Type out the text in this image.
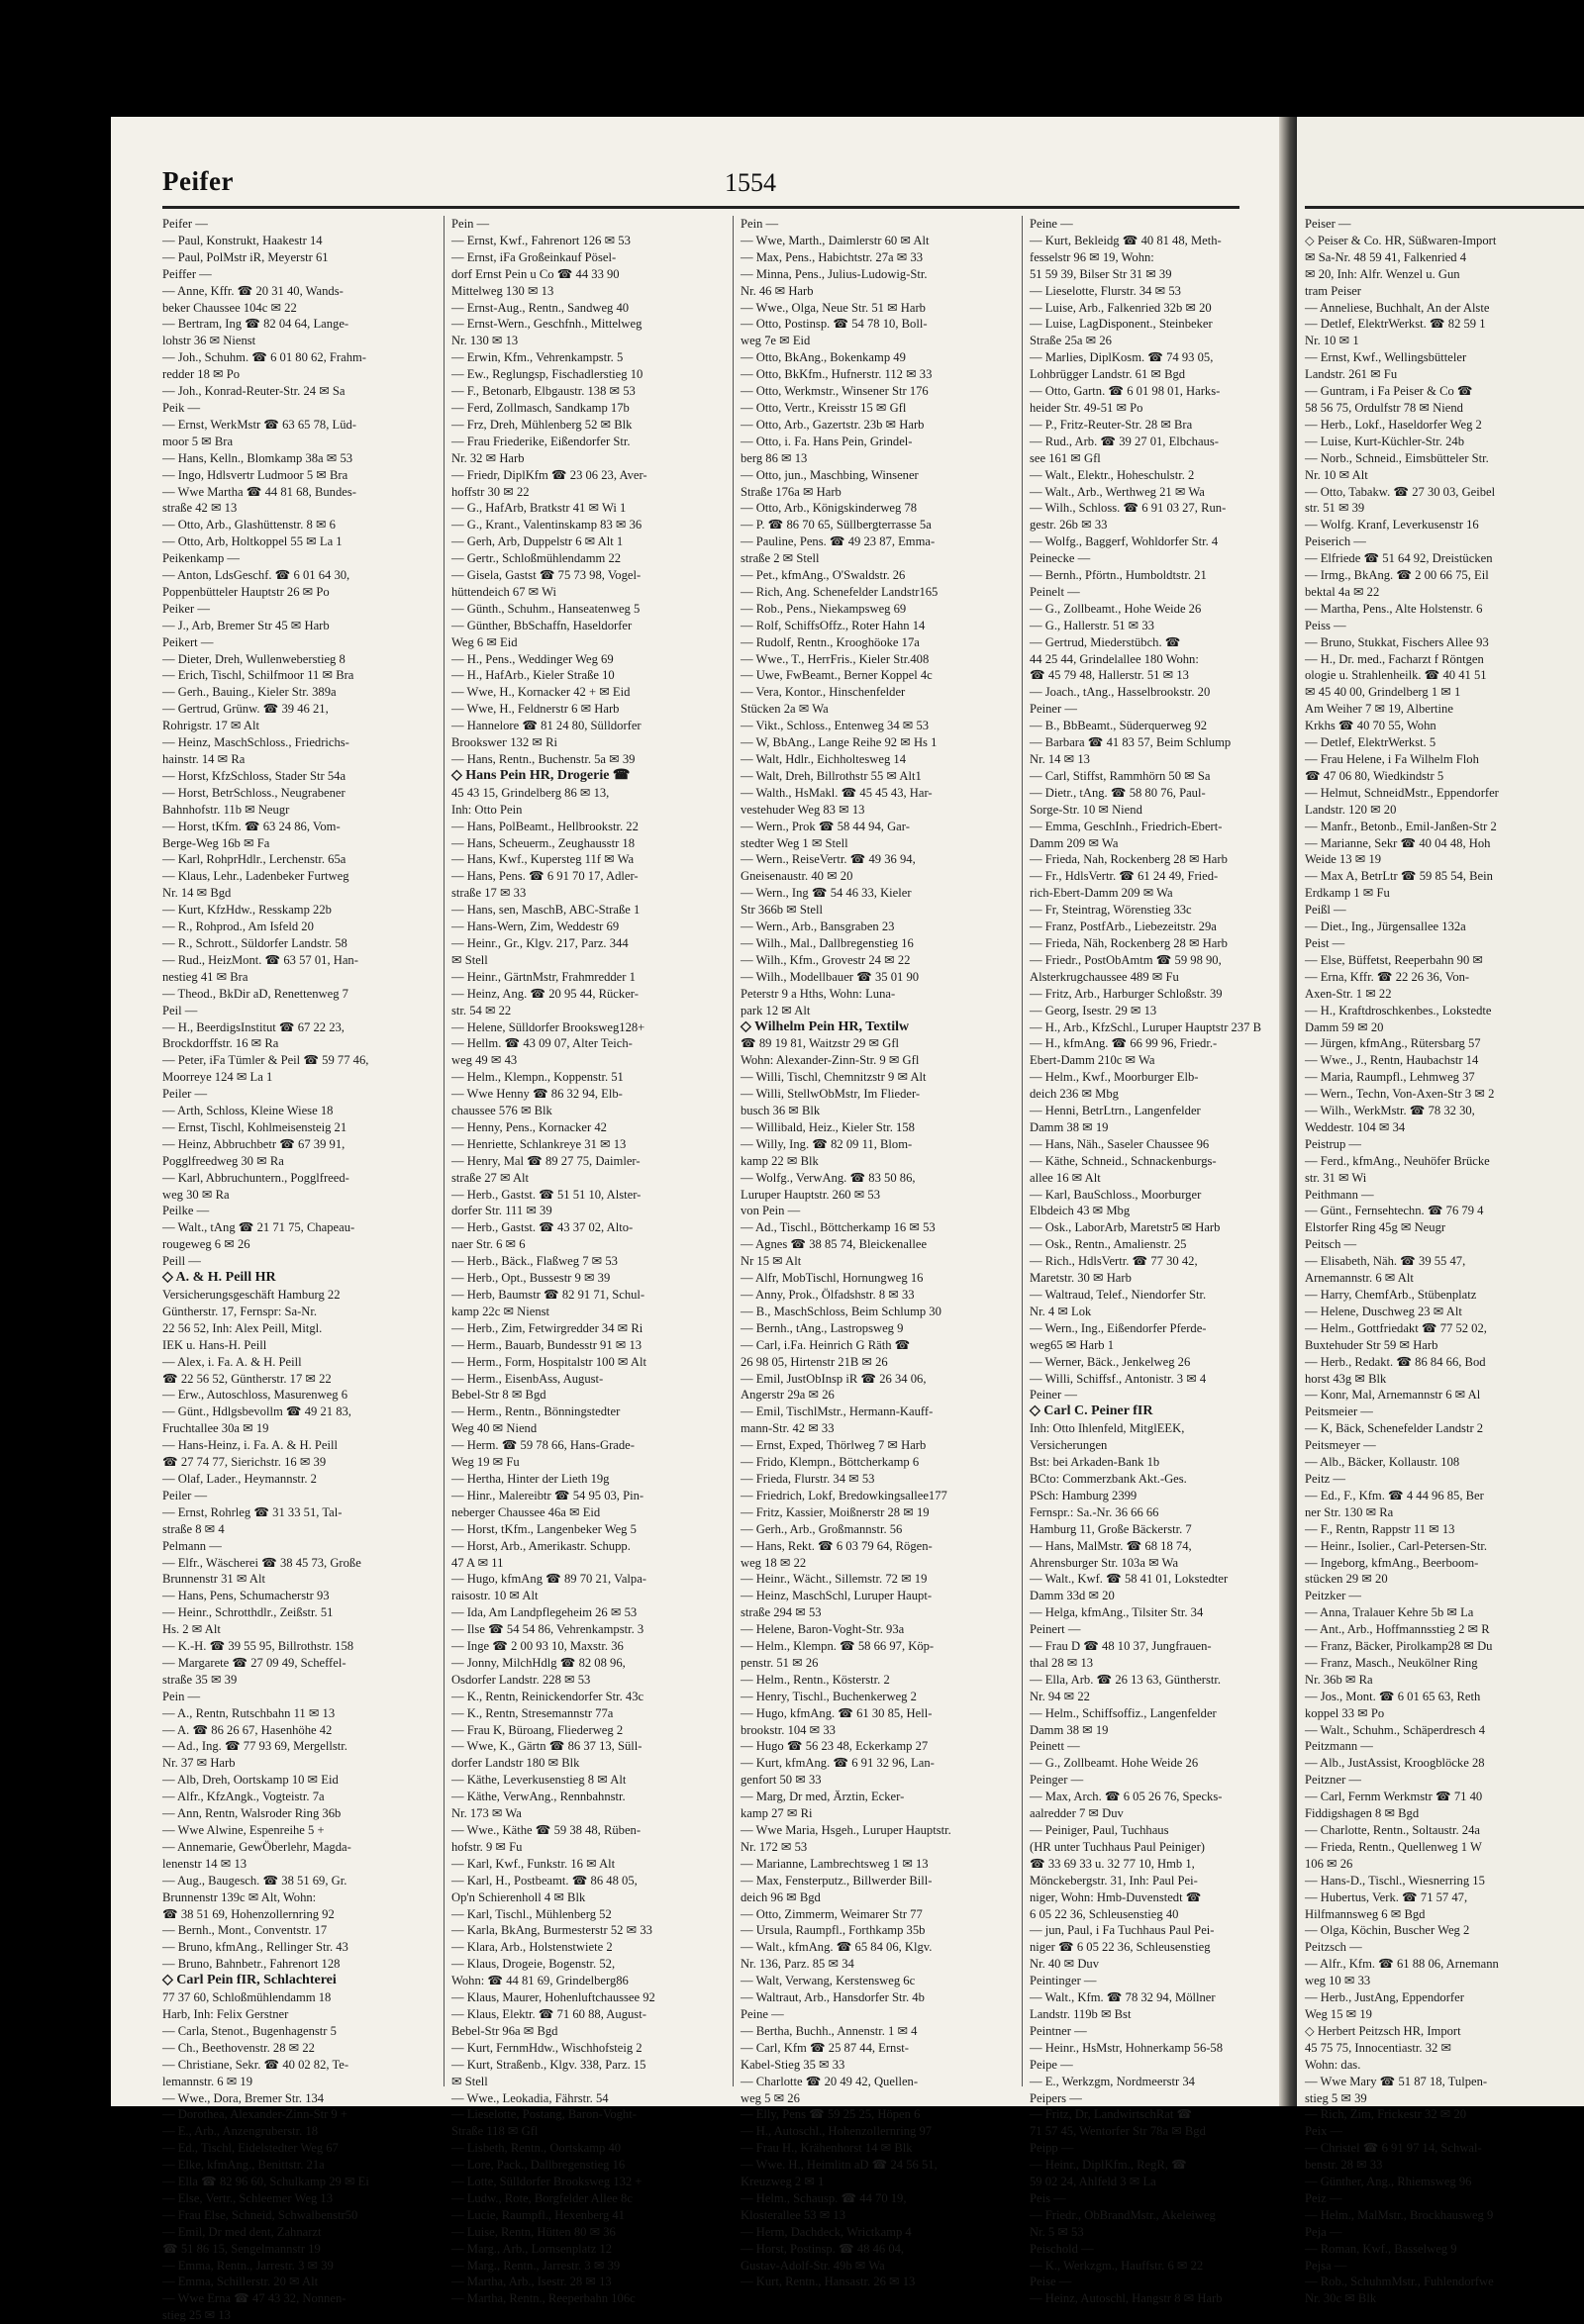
Peifer	1554
Peifer —
— Paul, Konstrukt, Haakestr 14
— Paul, PolMstr iR, Meyerstr 61
Peiffer —
— Anne, Kffr. ☎ 20 31 40, Wands-
beker Chaussee 104c ✉ 22
— Bertram, Ing ☎ 82 04 64, Lange-
lohstr 36 ✉ Nienst
— Joh., Schuhm. ☎ 6 01 80 62, Frahm-
redder 18 ✉ Po
— Joh., Konrad-Reuter-Str. 24 ✉ Sa
Peik —
— Ernst, WerkMstr ☎ 63 65 78, Lüd-
moor 5 ✉ Bra
— Hans, Kelln., Blomkamp 38a ✉ 53
— Ingo, Hdlsvertr Ludmoor 5 ✉ Bra
— Wwe Martha ☎ 44 81 68, Bundes-
straße 42 ✉ 13
— Otto, Arb., Glashüttenstr. 8 ✉ 6
— Otto, Arb, Holtkoppel 55 ✉ La 1
Peikenkamp —
— Anton, LdsGeschf. ☎ 6 01 64 30,
Poppenbütteler Hauptstr 26 ✉ Po
Peiker —
— J., Arb, Bremer Str 45 ✉ Harb
Peikert —
— Dieter, Dreh, Wullenweberstieg 8
— Erich, Tischl, Schilfmoor 11 ✉ Bra
— Gerh., Bauing., Kieler Str. 389a
— Gertrud, Grünw. ☎ 39 46 21,
Rohrigstr. 17 ✉ Alt
— Heinz, MaschSchloss., Friedrichs-
hainstr. 14 ✉ Ra
— Horst, KfzSchloss, Stader Str 54a
— Horst, BetrSchloss., Neugrabener
Bahnhofstr. 11b ✉ Neugr
— Horst, tKfm. ☎ 63 24 86, Vom-
Berge-Weg 16b ✉ Fa
— Karl, RohprHdlr., Lerchenstr. 65a
— Klaus, Lehr., Ladenbeker Furtweg
Nr. 14 ✉ Bgd
— Kurt, KfzHdw., Resskamp 22b
— R., Rohprod., Am Isfeld 20
— R., Schrott., Süldorfer Landstr. 58
— Rud., HeizMont. ☎ 63 57 01, Han-
nestieg 41 ✉ Bra
— Theod., BkDir aD, Renettenweg 7
Peil —
— H., BeerdigsInstitut ☎ 67 22 23,
Brockdorffstr. 16 ✉ Ra
— Peter, iFa Tümler & Peil ☎ 59 77 46,
Moorreye 124 ✉ La 1
Peiler —
— Arth, Schloss, Kleine Wiese 18
— Ernst, Tischl, Kohlmeisensteig 21
— Heinz, Abbruchbetr ☎ 67 39 91,
Pogglfreedweg 30 ✉ Ra
— Karl, Abbruchuntern., Pogglfreed-
weg 30 ✉ Ra
Peilke —
— Walt., tAng ☎ 21 71 75, Chapeau-
rougeweg 6 ✉ 26
Peill —
◇ A. & H. Peill HR
Versicherungsgeschäft Hamburg 22
Güntherstr. 17, Fernspr: Sa-Nr.
22 56 52, Inh: Alex Peill, Mitgl.
IEK u. Hans-H. Peill
— Alex, i. Fa. A. & H. Peill
☎ 22 56 52, Güntherstr. 17 ✉ 22
— Erw., Autoschloss, Masurenweg 6
— Günt., Hdlgsbevollm ☎ 49 21 83,
Fruchtallee 30a ✉ 19
— Hans-Heinz, i. Fa. A. & H. Peill
☎ 27 74 77, Sierichstr. 16 ✉ 39
— Olaf, Lader., Heymannstr. 2
Peiler —
— Ernst, Rohrleg ☎ 31 33 51, Tal-
straße 8 ✉ 4
Pelmann —
— Elfr., Wäscherei ☎ 38 45 73, Große
Brunnenstr 31 ✉ Alt
— Hans, Pens, Schumacherstr 93
— Heinr., Schrotthdlr., Zeißstr. 51
Hs. 2 ✉ Alt
— K.-H. ☎ 39 55 95, Billrothstr. 158
— Margarete ☎ 27 09 49, Scheffel-
straße 35 ✉ 39
Pein —
— A., Rentn, Rutschbahn 11 ✉ 13
— A. ☎ 86 26 67, Hasenhöhe 42
— Ad., Ing. ☎ 77 93 69, Mergellstr.
Nr. 37 ✉ Harb
— Alb, Dreh, Oortskamp 10 ✉ Eid
— Alfr., KfzAngk., Vogteistr. 7a
— Ann, Rentn, Walsroder Ring 36b
— Wwe Alwine, Espenreihe 5 +
— Annemarie, GewÖberlehr, Magda-
lenenstr 14 ✉ 13
— Aug., Baugesch. ☎ 38 51 69, Gr.
Brunnenstr 139c ✉ Alt, Wohn:
☎ 38 51 69, Hohenzollernring 92
— Bernh., Mont., Conventstr. 17
— Bruno, kfmAng., Rellinger Str. 43
— Bruno, Bahnbetr., Fahrenort 128
◇ Carl Pein fIR, Schlachterei
77 37 60, Schloßmühlendamm 18
Harb, Inh: Felix Gerstner
— Carla, Stenot., Bugenhagenstr 5
— Ch., Beethovenstr. 28 ✉ 22
— Christiane, Sekr. ☎ 40 02 82, Te-
lemannstr. 6 ✉ 19
— Wwe., Dora, Bremer Str. 134
— Dorothea, Alexander-Zinn-Str 9 +
— E., Arb., Anzengruberstr. 18
— Ed., Tischl, Eidelstedter Weg 67
— Elke, kfmAng., Benittstr. 21a
— Ella ☎ 82 96 60, Schulkamp 29 ✉ Ei
— Else, Vertr., Schleemer Weg 13
— Frau Else, Schneid, Schwalbenstr50
— Emil, Dr med dent, Zahnarzt
☎ 51 86 15, Sengelmannstr 19
— Emma, Rentn., Jarrestr. 3 ✉ 39
— Emma, Schillerstr. 20 ✉ Alt
— Wwe Erna ☎ 47 43 32, Nonnen-
stieg 25 ✉ 13
Pein —
— Ernst, Kwf., Fahrenort 126 ✉ 53
— Ernst, iFa Großeinkauf Pösel-
dorf Ernst Pein u Co ☎ 44 33 90
Mittelweg 130 ✉ 13
— Ernst-Aug., Rentn., Sandweg 40
— Ernst-Wern., Geschfnh., Mittelweg
Nr. 130 ✉ 13
— Erwin, Kfm., Vehrenkampstr. 5
— Ew., Reglungsp, Fischadlerstieg 10
— F., Betonarb, Elbgaustr. 138 ✉ 53
— Ferd, Zollmasch, Sandkamp 17b
— Frz, Dreh, Mühlenberg 52 ✉ Blk
— Frau Friederike, Eißendorfer Str.
Nr. 32 ✉ Harb
— Friedr, DiplKfm ☎ 23 06 23, Aver-
hoffstr 30 ✉ 22
— G., HafArb, Bratkstr 41 ✉ Wi 1
— G., Krant., Valentinskamp 83 ✉ 36
— Gerh, Arb, Duppelstr 6 ✉ Alt 1
— Gertr., Schloßmühlendamm 22
— Gisela, Gastst ☎ 75 73 98, Vogel-
hüttendeich 67 ✉ Wi
— Günth., Schuhm., Hanseatenweg 5
— Günther, BbSchaffn, Haseldorfer
Weg 6 ✉ Eid
— H., Pens., Weddinger Weg 69
— H., HafArb., Kieler Straße 10
— Wwe, H., Kornacker 42 + ✉ Eid
— Wwe, H., Feldnerstr 6 ✉ Harb
— Hannelore ☎ 81 24 80, Sülldorfer
Brookswег 132 ✉ Ri
— Hans, Rentn., Buchenstr. 5a ✉ 39
◇ Hans Pein HR, Drogerie ☎
45 43 15, Grindelberg 86 ✉ 13,
Inh: Otto Pein
— Hans, PolBeamt., Hellbrookstr. 22
— Hans, Scheuerm., Zeughausstr 18
— Hans, Kwf., Kupersteg 11f ✉ Wa
— Hans, Pens. ☎ 6 91 70 17, Adler-
straße 17 ✉ 33
— Hans, sen, MaschB, ABC-Straße 1
— Hans-Wern, Zim, Weddestr 69
— Heinr., Gr., Klgv. 217, Parz. 344
✉ Stell
— Heinr., GärtnMstr, Frahmredder 1
— Heinz, Ang. ☎ 20 95 44, Rücker-
str. 54 ✉ 22
— Helene, Sülldorfer Brooksweg128+
— Hellm. ☎ 43 09 07, Alter Teich-
weg 49 ✉ 43
— Helm., Klempn., Koppenstr. 51
— Wwe Henny ☎ 86 32 94, Elb-
chaussee 576 ✉ Blk
— Henny, Pens., Kornacker 42
— Henriette, Schlankreye 31 ✉ 13
— Henry, Mal ☎ 89 27 75, Daimler-
straße 27 ✉ Alt
— Herb., Gastst. ☎ 51 51 10, Alster-
dorfer Str. 111 ✉ 39
— Herb., Gastst. ☎ 43 37 02, Alto-
naer Str. 6 ✉ 6
— Herb., Bäck., Flaßweg 7 ✉ 53
— Herb., Opt., Bussestr 9 ✉ 39
— Herb, Baumstr ☎ 82 91 71, Schul-
kamp 22c ✉ Nienst
— Herb., Zim, Fetwirgredder 34 ✉ Ri
— Herm., Bauarb, Bundesstr 91 ✉ 13
— Herm., Form, Hospitalstr 100 ✉ Alt
— Herm., EisenbAss, August-
Bebel-Str 8 ✉ Bgd
— Herm., Rentn., Bönningstedter
Weg 40 ✉ Niend
— Herm. ☎ 59 78 66, Hans-Grade-
Weg 19 ✉ Fu
— Hertha, Hinter der Lieth 19g
— Hinr., Malereibtr ☎ 54 95 03, Pin-
neberger Chaussee 46a ✉ Eid
— Horst, tKfm., Langenbeker Weg 5
— Horst, Arb., Amerikastr. Schupp.
47 A ✉ 11
— Hugo, kfmAng ☎ 89 70 21, Valpa-
raisostr. 10 ✉ Alt
— Ida, Am Landpflegeheim 26 ✉ 53
— Ilse ☎ 54 54 86, Vehrenkampstr. 3
— Inge ☎ 2 00 93 10, Maxstr. 36
— Jonny, MilchHdlg ☎ 82 08 96,
Osdorfer Landstr. 228 ✉ 53
— K., Rentn, Reinickendorfer Str. 43c
— K., Rentn, Stresemannstr 77a
— Frau K, Büroang, Fliederweg 2
— Wwe, K., Gärtn ☎ 86 37 13, Süll-
dorfer Landstr 180 ✉ Blk
— Käthe, Leverkusenstieg 8 ✉ Alt
— Käthe, VerwAng., Rennbahnstr.
Nr. 173 ✉ Wa
— Wwe., Käthe ☎ 59 38 48, Rüben-
hofstr. 9 ✉ Fu
— Karl, Kwf., Funkstr. 16 ✉ Alt
— Karl, H., Postbeamt. ☎ 86 48 05,
Op'n Schierenholl 4 ✉ Blk
— Karl, Tischl., Mühlenberg 52
— Karla, BkAng, Burmesterstr 52 ✉ 33
— Klara, Arb., Holstenstwiete 2
— Klaus, Drogeie, Bogenstr. 52,
Wohn: ☎ 44 81 69, Grindelberg86
— Klaus, Maurer, Hohenluftchaussee 92
— Klaus, Elektr. ☎ 71 60 88, August-
Bebel-Str 96a ✉ Bgd
— Kurt, FernmHdw., Wischhofsteig 2
— Kurt, Straßenb., Klgv. 338, Parz. 15
✉ Stell
— Wwe., Leokadia, Fährstr. 54
— Lieselotte, Postang, Baron-Voght-
Straße 118 ✉ Gfl
— Lisbeth, Rentn., Oortskamp 40
— Lore, Pack., Dallbregenstieg 16
— Lotte, Sülldorfer Brooksweg 132 +
— Ludw., Rote, Borgfelder Allee 8c
— Lucie, Raumpfl., Hexenberg 41
— Luise, Rentn, Hütten 80 ✉ 36
— Marg., Arb., Lornsenplatz 12
— Marg., Rentn., Jarrestr. 3 ✉ 39
— Martha, Arb., Isestr. 28 ✉ 13
— Martha, Rentn., Reeperbahn 106c
Pein —
— Wwe, Marth., Daimlerstr 60 ✉ Alt
— Max, Pens., Habichtstr. 27a ✉ 33
— Minna, Pens., Julius-Ludowig-Str.
Nr. 46 ✉ Harb
— Wwe., Olga, Neue Str. 51 ✉ Harb
— Otto, Postinsp. ☎ 54 78 10, Boll-
weg 7e ✉ Eid
— Otto, BkAng., Bokenkamp 49
— Otto, BkKfm., Hufnerstr. 112 ✉ 33
— Otto, Werkmstr., Winsener Str 176
— Otto, Vertr., Kreisstr 15 ✉ Gfl
— Otto, Arb., Gazertstr. 23b ✉ Harb
— Otto, i. Fa. Hans Pein, Grindel-
berg 86 ✉ 13
— Otto, jun., Maschbing, Winsener
Straße 176a ✉ Harb
— Otto, Arb., Königskinderweg 78
— P. ☎ 86 70 65, Süllbergterrasse 5a
— Pauline, Pens. ☎ 49 23 87, Emma-
straße 2 ✉ Stell
— Pet., kfmAng., O'Swaldstr. 26
— Rich, Ang. Schenefelder Landstr165
— Rob., Pens., Niekampsweg 69
— Rolf, SchiffsOffz., Roter Hahn 14
— Rudolf, Rentn., Krooghöoke 17a
— Wwe., T., HerrFris., Kieler Str.408
— Uwe, FwBeamt., Berner Koppel 4c
— Vera, Kontor., Hinschenfelder
Stücken 2a ✉ Wa
— Vikt., Schloss., Entenweg 34 ✉ 53
— W, BbAng., Lange Reihe 92 ✉ Hs 1
— Walt, Hdlr., Eichholtesweg 14
— Walt, Dreh, Billrothstr 55 ✉ Alt1
— Walth., HsMakl. ☎ 45 45 43, Har-
vestehuder Weg 83 ✉ 13
— Wern., Prok ☎ 58 44 94, Gar-
stedter Weg 1 ✉ Stell
— Wern., ReiseVertr. ☎ 49 36 94,
Gneisenaustr. 40 ✉ 20
— Wern., Ing ☎ 54 46 33, Kieler
Str 366b ✉ Stell
— Wern., Arb., Bansgraben 23
— Wilh., Mal., Dallbregenstieg 16
— Wilh., Kfm., Grovestr 24 ✉ 22
— Wilh., Modellbauer ☎ 35 01 90
Peterstr 9 a Hths, Wohn: Luna-
park 12 ✉ Alt
◇ Wilhelm Pein HR, Textilw
☎ 89 19 81, Waitzstr 29 ✉ Gfl
Wohn: Alexander-Zinn-Str. 9 ✉ Gfl
— Willi, Tischl, Chemnitzstr 9 ✉ Alt
— Willi, StellwObMstr, Im Flieder-
busch 36 ✉ Blk
— Willibald, Heiz., Kieler Str. 158
— Willy, Ing. ☎ 82 09 11, Blom-
kamp 22 ✉ Blk
— Wolfg., VerwAng. ☎ 83 50 86,
Luruper Hauptstr. 260 ✉ 53
von Pein —
— Ad., Tischl., Böttcherkamp 16 ✉ 53
— Agnes ☎ 38 85 74, Bleickenallee
Nr 15 ✉ Alt
— Alfr, MobTischl, Hornungweg 16
— Anny, Prok., Ölfadshstr. 8 ✉ 33
— B., MaschSchloss, Beim Schlump 30
— Bernh., tAng., Lastropsweg 9
— Carl, i.Fa. Heinrich G Räth ☎
26 98 05, Hirtenstr 21B ✉ 26
— Emil, JustObInsp iR ☎ 26 34 06,
Angerstr 29a ✉ 26
— Emil, TischlMstr., Hermann-Kauff-
mann-Str. 42 ✉ 33
— Ernst, Exped, Thörlweg 7 ✉ Harb
— Frido, Klempn., Böttcherkamp 6
— Frieda, Flurstr. 34 ✉ 53
— Friedrich, Lokf, Bredowkingsallee177
— Fritz, Kassier, Moißnerstr 28 ✉ 19
— Gerh., Arb., Großmannstr. 56
— Hans, Rekt. ☎ 6 03 79 64, Rögen-
weg 18 ✉ 22
— Heinr., Wächt., Sillemstr. 72 ✉ 19
— Heinz, MaschSchl, Luruper Haupt-
straße 294 ✉ 53
— Helene, Baron-Voght-Str. 93a
— Helm., Klempn. ☎ 58 66 97, Köp-
penstr. 51 ✉ 26
— Helm., Rentn., Kösterstr. 2
— Henry, Tischl., Buchenkerweg 2
— Hugo, kfmAng. ☎ 61 30 85, Hell-
brookstr. 104 ✉ 33
— Hugo ☎ 56 23 48, Eckerkamp 27
— Kurt, kfmAng. ☎ 6 91 32 96, Lan-
genfort 50 ✉ 33
— Marg, Dr med, Ärztin, Ecker-
kamp 27 ✉ Ri
— Wwe Maria, Hsgeh., Luruper Hauptstr.
Nr. 172 ✉ 53
— Marianne, Lambrechtsweg 1 ✉ 13
— Max, Fensterputz., Billwerder Bill-
deich 96 ✉ Bgd
— Otto, Zimmerm, Weimarer Str 77
— Ursula, Raumpfl., Forthkamp 35b
— Walt., kfmAng. ☎ 65 84 06, Klgv.
Nr. 136, Parz. 85 ✉ 34
— Walt, Verwang, Kerstensweg 6c
— Waltraut, Arb., Hansdorfer Str. 4b
Peine —
— Bertha, Buchh., Annenstr. 1 ✉ 4
— Carl, Kfm ☎ 25 87 44, Ernst-
Kabel-Stieg 35 ✉ 33
— Charlotte ☎ 20 49 42, Quellen-
weg 5 ✉ 26
— Elly, Pens ☎ 59 25 25, Höpen 6
— H., Autoschl., Hohenzollernring 97
— Frau H., Krähenhorst 14 ✉ Blk
— Wwe. H., Heimlitn aD ☎ 24 56 51,
Kreuzweg 2 ✉ 1
— Helm., Schausp. ☎ 44 70 19,
Klosterallee 53 ✉ 13
— Herm, Dachdeck, Wrictkamp 4
— Horst, Postinsp. ☎ 48 46 04,
Gustav-Adolf-Str. 49b ✉ Wa
— Kurt, Rentn., Hansastr. 26 ✉ 13
Peine —
— Kurt, Bekleidg ☎ 40 81 48, Meth-
fesselstr 96 ✉ 19, Wohn:
51 59 39, Bilser Str 31 ✉ 39
— Lieselotte, Flurstr. 34 ✉ 53
— Luise, Arb., Falkenried 32b ✉ 20
— Luise, LagDisponent., Steinbeker
Straße 25a ✉ 26
— Marlies, DiplKosm. ☎ 74 93 05,
Lohbrügger Landstr. 61 ✉ Bgd
— Otto, Gartn. ☎ 6 01 98 01, Harks-
heider Str. 49-51 ✉ Po
— P., Fritz-Reuter-Str. 28 ✉ Bra
— Rud., Arb. ☎ 39 27 01, Elbchaus-
see 161 ✉ Gfl
— Walt., Elektr., Hoheschulstr. 2
— Walt., Arb., Werthweg 21 ✉ Wa
— Wilh., Schloss. ☎ 6 91 03 27, Run-
gestr. 26b ✉ 33
— Wolfg., Baggerf, Wohldorfer Str. 4
Peinecke —
— Bernh., Pförtn., Humboldtstr. 21
Peinelt —
— G., Zollbeamt., Hohe Weide 26
— G., Hallerstr. 51 ✉ 33
— Gertrud, Miederstübch. ☎
44 25 44, Grindelallee 180 Wohn:
☎ 45 79 48, Hallerstr. 51 ✉ 13
— Joach., tAng., Hasselbrookstr. 20
Peiner —
— B., BbBeamt., Süderquerweg 92
— Barbara ☎ 41 83 57, Beim Schlump
Nr. 14 ✉ 13
— Carl, Stiffst, Rammhörn 50 ✉ Sa
— Dietr., tAng. ☎ 58 80 76, Paul-
Sorge-Str. 10 ✉ Niend
— Emma, GeschInh., Friedrich-Ebert-
Damm 209 ✉ Wa
— Frieda, Nah, Rockenberg 28 ✉ Harb
— Fr., HdlsVertr. ☎ 61 24 49, Fried-
rich-Ebert-Damm 209 ✉ Wa
— Fr, Steintrag, Wörenstieg 33c
— Franz, PostfArb., Liebezeitstr. 29a
— Frieda, Näh, Rockenberg 28 ✉ Harb
— Friedr., PostObAmtm ☎ 59 98 90,
Alsterkrugchaussee 489 ✉ Fu
— Fritz, Arb., Harburger Schloßstr. 39
— Georg, Isestr. 29 ✉ 13
— H., Arb., KfzSchl., Luruper Hauptstr 237 B
— H., kfmAng. ☎ 66 99 96, Friedr.-
Ebert-Damm 210c ✉ Wa
— Helm., Kwf., Moorburger Elb-
deich 236 ✉ Mbg
— Henni, BetrLtrn., Langenfelder
Damm 38 ✉ 19
— Hans, Näh., Saseler Chaussee 96
— Käthe, Schneid., Schnackenburgs-
allee 16 ✉ Alt
— Karl, BauSchloss., Moorburger
Elbdeich 43 ✉ Mbg
— Osk., LaborArb, Maretstr5 ✉ Harb
— Osk., Rentn., Amalienstr. 25
— Rich., HdlsVertr. ☎ 77 30 42,
Maretstr. 30 ✉ Harb
— Waltraud, Telef., Niendorfer Str.
Nr. 4 ✉ Lok
— Wern., Ing., Eißendorfer Pferde-
weg65 ✉ Harb 1
— Werner, Bäck., Jenkelweg 26
— Willi, Schiffsf., Antonistr. 3 ✉ 4
Peiner —
◇ Carl C. Peiner fIR
Inh: Otto Ihlenfeld, MitglEEK,
Versicherungen
Bst: bei Arkaden-Bank 1b
BCto: Commerzbank Akt.-Ges.
PSch: Hamburg 2399
Fernspr.: Sa.-Nr. 36 66 66
Hamburg 11, Große Bäckerstr. 7
— Hans, MalMstr. ☎ 68 18 74,
Ahrensburger Str. 103a ✉ Wa
— Walt., Kwf. ☎ 58 41 01, Lokstedter
Damm 33d ✉ 20
— Helga, kfmAng., Tilsiter Str. 34
Peinert —
— Frau D ☎ 48 10 37, Jungfrauen-
thal 28 ✉ 13
— Ella, Arb. ☎ 26 13 63, Güntherstr.
Nr. 94 ✉ 22
— Helm., Schiffsoffiz., Langenfelder
Damm 38 ✉ 19
Peinett —
— G., Zollbeamt. Hohe Weide 26
Peinger —
— Max, Arch. ☎ 6 05 26 76, Specks-
aalredder 7 ✉ Duv
— Peiniger, Paul, Tuchhaus
(HR unter Tuchhaus Paul Peiniger)
☎ 33 69 33 u. 32 77 10, Hmb 1,
Mönckebergstr. 31, Inh: Paul Pei-
niger, Wohn: Hmb-Duvenstedt ☎
6 05 22 36, Schleusenstieg 40
— jun, Paul, i Fa Tuchhaus Paul Pei-
niger ☎ 6 05 22 36, Schleusenstieg
Nr. 40 ✉ Duv
Peintinger —
— Walt., Kfm. ☎ 78 32 94, Möllner
Landstr. 119b ✉ Bst
Peintner —
— Heinr., HsMstr, Hohnerkamp 56-58
Peipe —
— E., Werkzgm, Nordmeerstr 34
Peipers —
— Fritz, Dr, LandwirtschRat ☎
71 57 45, Wentorfer Str 78a ✉ Bgd
Peipp —
— Heinr., DiplKfm., RegR, ☎
59 02 24, Ahlfeld 3 ✉ La
Peis —
— Friedr., ObBrandMstr., Akeleiweg
Nr. 5 ✉ 53
Peischold —
— K., Werkzgm., Hauffstr. 6 ✉ 22
Peise —
— Heinz, Autoschl, Hangstr 8 ✉ Harb
Peiser —
◇ Peiser & Co. HR, Süßwaren-Import
✉ Sa-Nr. 48 59 41, Falkenried 4
✉ 20, Inh: Alfr. Wenzel u. Gun
tram Peiser
— Anneliese, Buchhalt, An der Alste
— Detlef, ElektrWerkst. ☎ 82 59 1
Nr. 10 ✉ 1
— Ernst, Kwf., Wellingsbütteler
Landstr. 261 ✉ Fu
— Guntram, i Fa Peiser & Co ☎
58 56 75, Ordulfstr 78 ✉ Niend
— Herb., Lokf., Haseldorfer Weg 2
— Luise, Kurt-Küchler-Str. 24b
— Norb., Schneid., Eimsbütteler Str.
Nr. 10 ✉ Alt
— Otto, Tabakw. ☎ 27 30 03, Geibel
str. 51 ✉ 39
— Wolfg. Kranf, Leverkusenstr 16
Peiserich —
— Elfriede ☎ 51 64 92, Dreistücken
— Irmg., BkAng. ☎ 2 00 66 75, Eil
bektal 4a ✉ 22
— Martha, Pens., Alte Holstenstr. 6
Peiss —
— Bruno, Stukkat, Fischers Allee 93
— H., Dr. med., Facharzt f Röntgen
ologie u. Strahlenheilk. ☎ 40 41 51
✉ 45 40 00, Grindelberg 1 ✉ 1
Am Weiher 7 ✉ 19, Albertine
Krkhs ☎ 40 70 55, Wohn
— Detlef, ElektrWerkst. 5
— Frau Helene, i Fa Wilhelm Floh
☎ 47 06 80, Wiedkindstr 5
— Helmut, SchneidMstr., Eppendorfer
Landstr. 120 ✉ 20
— Manfr., Betonb., Emil-Janßen-Str 2
— Marianne, Sekr ☎ 40 04 48, Hoh
Weide 13 ✉ 19
— Max A, BetrLtr ☎ 59 85 54, Bein
Erdkamp 1 ✉ Fu
Peißl —
— Diet., Ing., Jürgensallee 132a
Peist —
— Else, Büffetst, Reeperbahn 90 ✉
— Erna, Kffr. ☎ 22 26 36, Von-
Axen-Str. 1 ✉ 22
— H., Kraftdroschkenbes., Lokstedte
Damm 59 ✉ 20
— Jürgen, kfmAng., Rütersbarg 57
— Wwe., J., Rentn, Haubachstr 14
— Maria, Raumpfl., Lehmweg 37
— Wern., Techn, Von-Axen-Str 3 ✉ 2
— Wilh., WerkMstr. ☎ 78 32 30,
Weddestr. 104 ✉ 34
Peistrup —
— Ferd., kfmAng., Neuhöfer Brücke
str. 31 ✉ Wi
Peithmann —
— Günt., Fernsehtechn. ☎ 76 79 4
Elstorfer Ring 45g ✉ Neugr
Peitsch —
— Elisabeth, Näh. ☎ 39 55 47,
Arnemannstr. 6 ✉ Alt
— Harry, ChemfArb., Stübenplatz
— Helene, Duschweg 23 ✉ Alt
— Helm., Gottfriedakt ☎ 77 52 02,
Buxtehuder Str 59 ✉ Harb
— Herb., Redakt. ☎ 86 84 66, Bod
horst 43g ✉ Blk
— Konr, Mal, Arnemannstr 6 ✉ Al
Peitsmeier —
— K, Bäck, Schenefelder Landstr 2
Peitsmeyer —
— Alb., Bäcker, Kollaustr. 108
Peitz —
— Ed., F., Kfm. ☎ 4 44 96 85, Ber
ner Str. 130 ✉ Ra
— F., Rentn, Rappstr 11 ✉ 13
— Heinr., Isolier., Carl-Petersen-Str.
— Ingeborg, kfmAng., Beerboom-
stücken 29 ✉ 20
Peitzker —
— Anna, Tralauer Kehre 5b ✉ La
— Ant., Arb., Hoffmannsstieg 2 ✉ R
— Franz, Bäcker, Pirolkamp28 ✉ Du
— Franz, Masch., Neukölner Ring
Nr. 36b ✉ Ra
— Jos., Mont. ☎ 6 01 65 63, Reth
koppel 33 ✉ Po
— Walt., Schuhm., Schäperdresch 4
Peitzmann —
— Alb., JustAssist, Kroogblöcke 28
Peitzner —
— Carl, Fernm Werkmstr ☎ 71 40
Fiddigshagen 8 ✉ Bgd
— Charlotte, Rentn., Soltaustr. 24a
— Frieda, Rentn., Quellenweg 1 W
106 ✉ 26
— Hans-D., Tischl., Wiesnerring 15
— Hubertus, Verk. ☎ 71 57 47,
Hilfmannsweg 6 ✉ Bgd
— Olga, Köchin, Buscher Weg 2
Peitzsch —
— Alfr., Kfm. ☎ 61 88 06, Arnemann
weg 10 ✉ 33
— Herb., JustAng, Eppendorfer
Weg 15 ✉ 19
◇ Herbert Peitzsch HR, Import
45 75 75, Innocentiastr. 32 ✉
Wohn: das.
— Wwe Mary ☎ 51 87 18, Tulpen-
stieg 5 ✉ 39
— Rich, Zim, Frickestr 32 ✉ 20
Peix —
— Christel ☎ 6 91 97 14, Schwal-
benstr. 28 ✉ 33
— Günther, Ang., Rhiemsweg 96
Peiz —
— Helm., MalMstr., Brockhausweg 9
Peja —
— Roman, Kwf., Basselweg 9
Pejsa —
— Rob., SchuhmMstr., Fuhlendorfwe
Nr. 30c ✉ Blk
